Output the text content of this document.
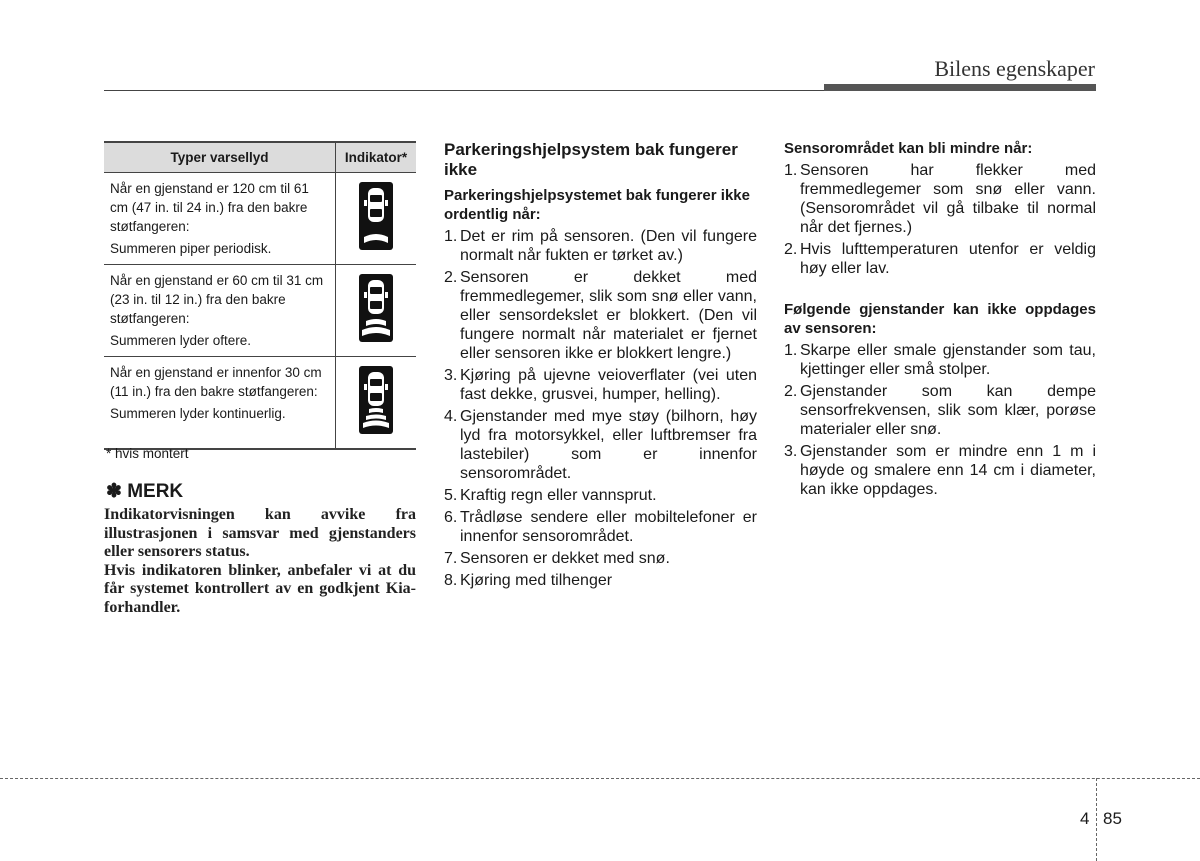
Bilens egenskaper
Typer varsellyd	Indikator*

Når en gjenstand er 120 cm til 61 cm (47 in. til 24 in.) fra den bakre støtfangeren:
Summeren piper periodisk.

Når en gjenstand er 60 cm til 31 cm (23 in. til 12 in.) fra den bakre støtfangeren:
Summeren lyder oftere.

Når en gjenstand er innenfor 30 cm (11 in.) fra den bakre støtfangeren:
Summeren lyder kontinuerlig.

* hvis montert
✽ MERK

Indikatorvisningen kan avvike fra illustrasjonen i samsvar med gjenstanders eller sensorers status.

Hvis indikatoren blinker, anbefaler vi at du får systemet kontrollert av en godkjent Kia-forhandler.

Parkeringshjelpsystem bak fungerer ikke
Parkeringshjelpsystemet bak fungerer ikke ordentlig når:
1. Det er rim på sensoren. (Den vil fungere normalt når fukten er tørket av.)
2. Sensoren er dekket med fremmedlegemer, slik som snø eller vann, eller sensordekslet er blokkert. (Den vil fungere normalt når materialet er fjernet eller sensoren ikke er blokkert lengre.)
3. Kjøring på ujevne veioverflater (vei uten fast dekke, grusvei, humper, helling).
4. Gjenstander med mye støy (bilhorn, høy lyd fra motorsykkel, eller luftbremser fra lastebiler) som er innenfor sensorområdet.
5. Kraftig regn eller vannsprut.
6. Trådløse sendere eller mobiltelefoner er innenfor sensorområdet.
7. Sensoren er dekket med snø.
8. Kjøring med tilhenger
Sensorområdet kan bli mindre når:
1. Sensoren har flekker med fremmedlegemer som snø eller vann. (Sensorområdet vil gå tilbake til normal når det fjernes.)
2. Hvis lufttemperaturen utenfor er veldig høy eller lav.
Følgende gjenstander kan ikke oppdages av sensoren:
1. Skarpe eller smale gjenstander som tau, kjettinger eller små stolper.
2. Gjenstander som kan dempe sensorfrekvensen, slik som klær, porøse materialer eller snø.
3. Gjenstander som er mindre enn 1 m i høyde og smalere enn 14 cm i diameter, kan ikke oppdages.
4 85
